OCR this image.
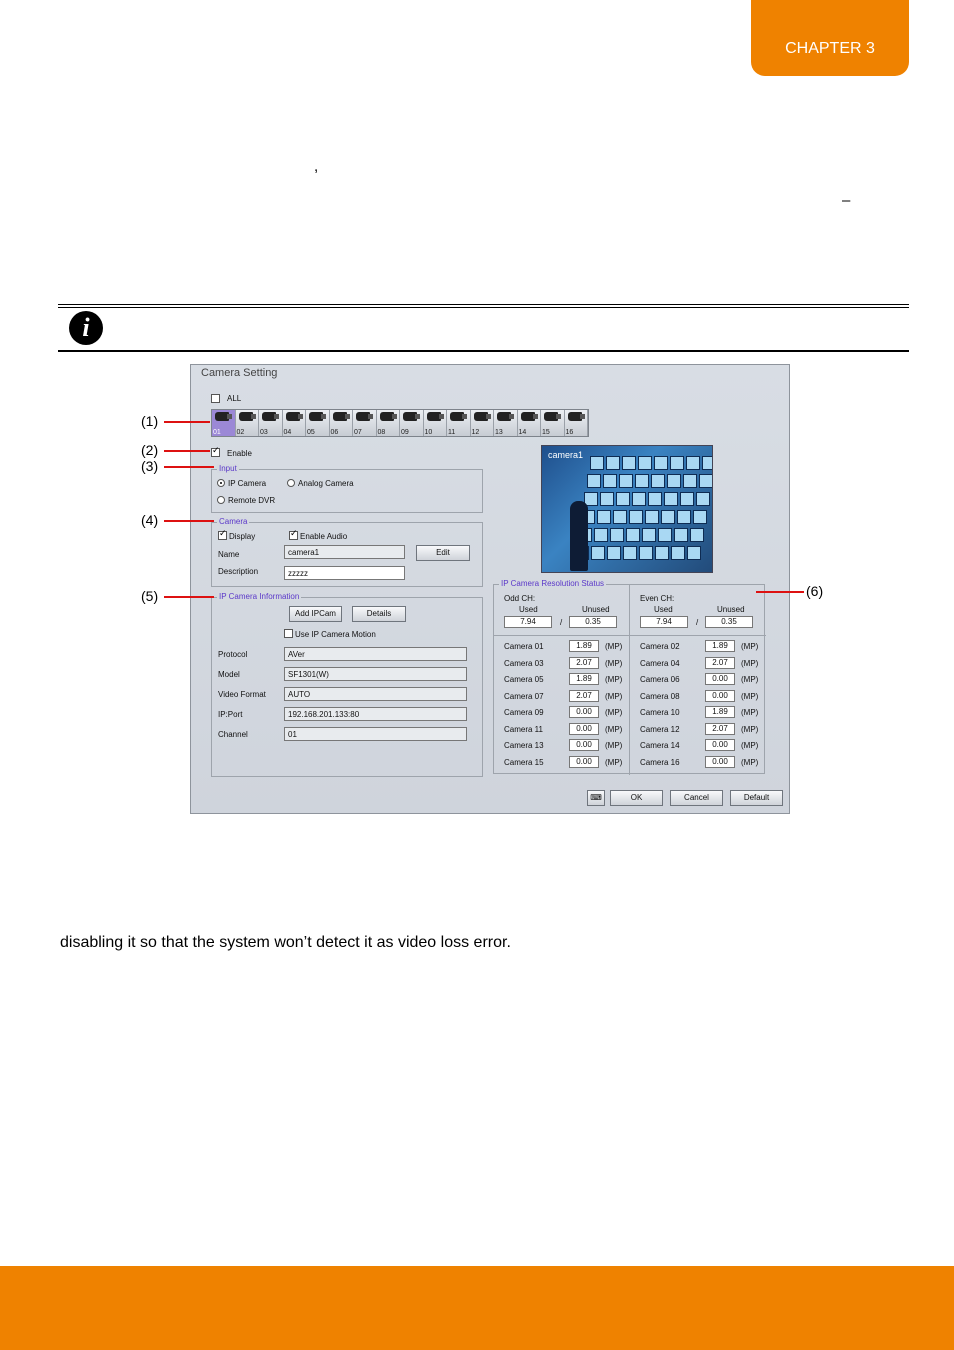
CHAPTER 3
,
–
i
Camera Setting
ALL
01 02 03 04 05 06 07 08 09 10 11 12 13 14 15 16
✓
Enable
Input
IP Camera	Analog Camera
Remote DVR
Camera
✓
Display
✓	Enable Audio
Name	camera1	Edit
Description	zzzzz
IP Camera Information
Add IPCam	Details
Use IP Camera Motion
Protocol	AVer
Model	SF1301(W)
Video Format	AUTO
IP:Port	192.168.201.133:80
Channel	01
camera1
IP Camera Resolution Status
Odd CH:
Used	Unused
7.94	/	0.35
Even CH:
Used	Unused
7.94	/	0.35
Camera 01	1.89	(MP)
Camera 03	2.07	(MP)
Camera 05	1.89	(MP)
Camera 07	2.07	(MP)
Camera 09	0.00	(MP)
Camera 11	0.00	(MP)
Camera 13	0.00	(MP)
Camera 15	0.00	(MP)
Camera 02	1.89	(MP)
Camera 04	2.07	(MP)
Camera 06	0.00	(MP)
Camera 08	0.00	(MP)
Camera 10	1.89	(MP)
Camera 12	2.07	(MP)
Camera 14	0.00	(MP)
Camera 16	0.00	(MP)
⌨	OK	Cancel	Default
(1)
(2)
(3)
(4)
(5)	(6)
disabling it so that the system won’t detect it as video loss error.
